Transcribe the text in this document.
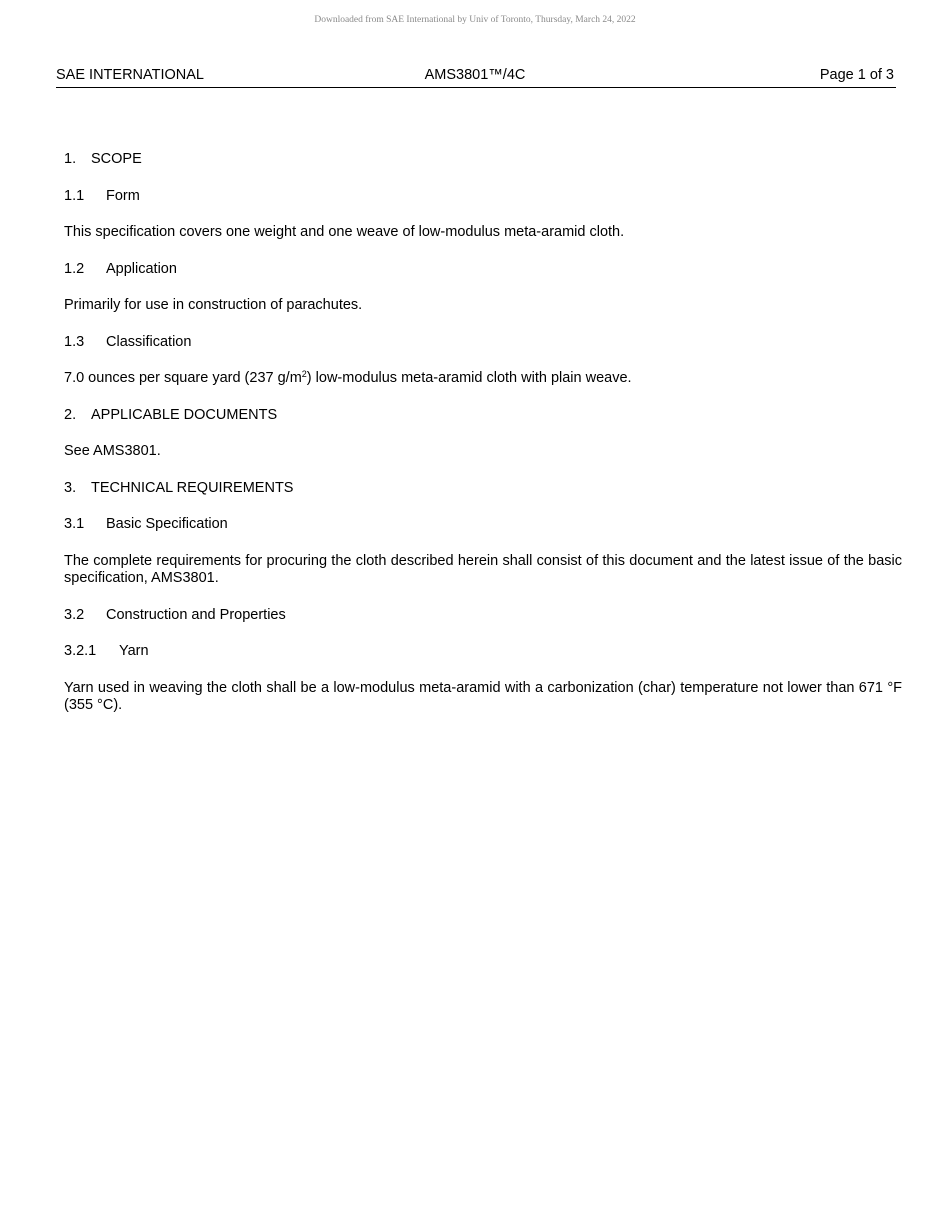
Downloaded from SAE International by Univ of Toronto, Thursday, March 24, 2022
SAE INTERNATIONAL	AMS3801™/4C	Page 1 of 3
1. SCOPE
1.1 Form
This specification covers one weight and one weave of low-modulus meta-aramid cloth.
1.2 Application
Primarily for use in construction of parachutes.
1.3 Classification
7.0 ounces per square yard (237 $g/m^2$) low-modulus meta-aramid cloth with plain weave.
2. APPLICABLE DOCUMENTS
See AMS3801.
3. TECHNICAL REQUIREMENTS
3.1 Basic Specification
The complete requirements for procuring the cloth described herein shall consist of this document and the latest issue of the basic specification, AMS3801.
3.2 Construction and Properties
3.2.1 Yarn
Yarn used in weaving the cloth shall be a low-modulus meta-aramid with a carbonization (char) temperature not lower than 671 °F (355 °C).
